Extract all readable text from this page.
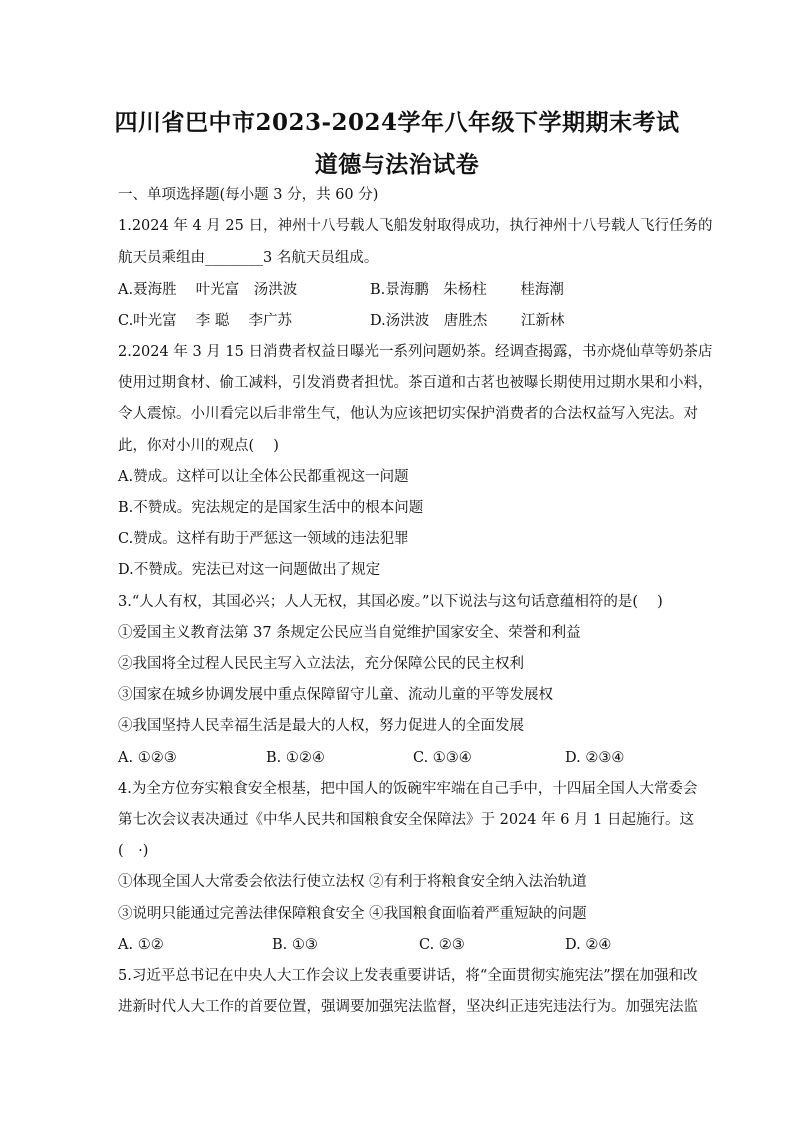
四川省巴中市2023-2024学年八年级下学期期末考试
道德与法治试卷
一、单项选择题(每小题 3 分，共 60 分)
1.2024 年 4 月 25 日，神州十八号载人飞船发射取得成功，执行神州十八号载人飞行任务的
航天员乘组由________3 名航天员组成。
A.聂海胜　 叶光富　汤洪波	B.景海鹏　朱杨柱　　 桂海潮
C.叶光富　 李 聪　 李广苏	D.汤洪波　唐胜杰　　 江新林
2.2024 年 3 月 15 日消费者权益日曝光一系列问题奶茶。经调查揭露，书亦烧仙草等奶茶店
使用过期食材、偷工减料，引发消费者担忧。茶百道和古茗也被曝长期使用过期水果和小料，
令人震惊。小川看完以后非常生气，他认为应该把切实保护消费者的合法权益写入宪法。对
此，你对小川的观点(　 )
A.赞成。这样可以让全体公民都重视这一问题
B.不赞成。宪法规定的是国家生活中的根本问题
C.赞成。这样有助于严惩这一领域的违法犯罪
D.不赞成。宪法已对这一问题做出了规定
3.“人人有权，其国必兴；人人无权，其国必废。”以下说法与这句话意蕴相符的是(　 )
①爱国主义教育法第 37 条规定公民应当自觉维护国家安全、荣誉和利益
②我国将全过程人民民主写入立法法，充分保障公民的民主权利
③国家在城乡协调发展中重点保障留守儿童、流动儿童的平等发展权
④我国坚持人民幸福生活是最大的人权，努力促进人的全面发展
A. ①②③	B. ①②④	C. ①③④	D. ②③④
4.为全方位夯实粮食安全根基，把中国人的饭碗牢牢端在自己手中，十四届全国人大常委会
第七次会议表决通过《中华人民共和国粮食安全保障法》于 2024 年 6 月 1 日起施行。这
(　·)
①体现全国人大常委会依法行使立法权 ②有利于将粮食安全纳入法治轨道
③说明只能通过完善法律保障粮食安全 ④我国粮食面临着严重短缺的问题
A. ①②	B. ①③	C. ②③	D. ②④
5.习近平总书记在中央人大工作会议上发表重要讲话，将“全面贯彻实施宪法”摆在加强和改
进新时代人大工作的首要位置，强调要加强宪法监督，坚决纠正违宪违法行为。加强宪法监
